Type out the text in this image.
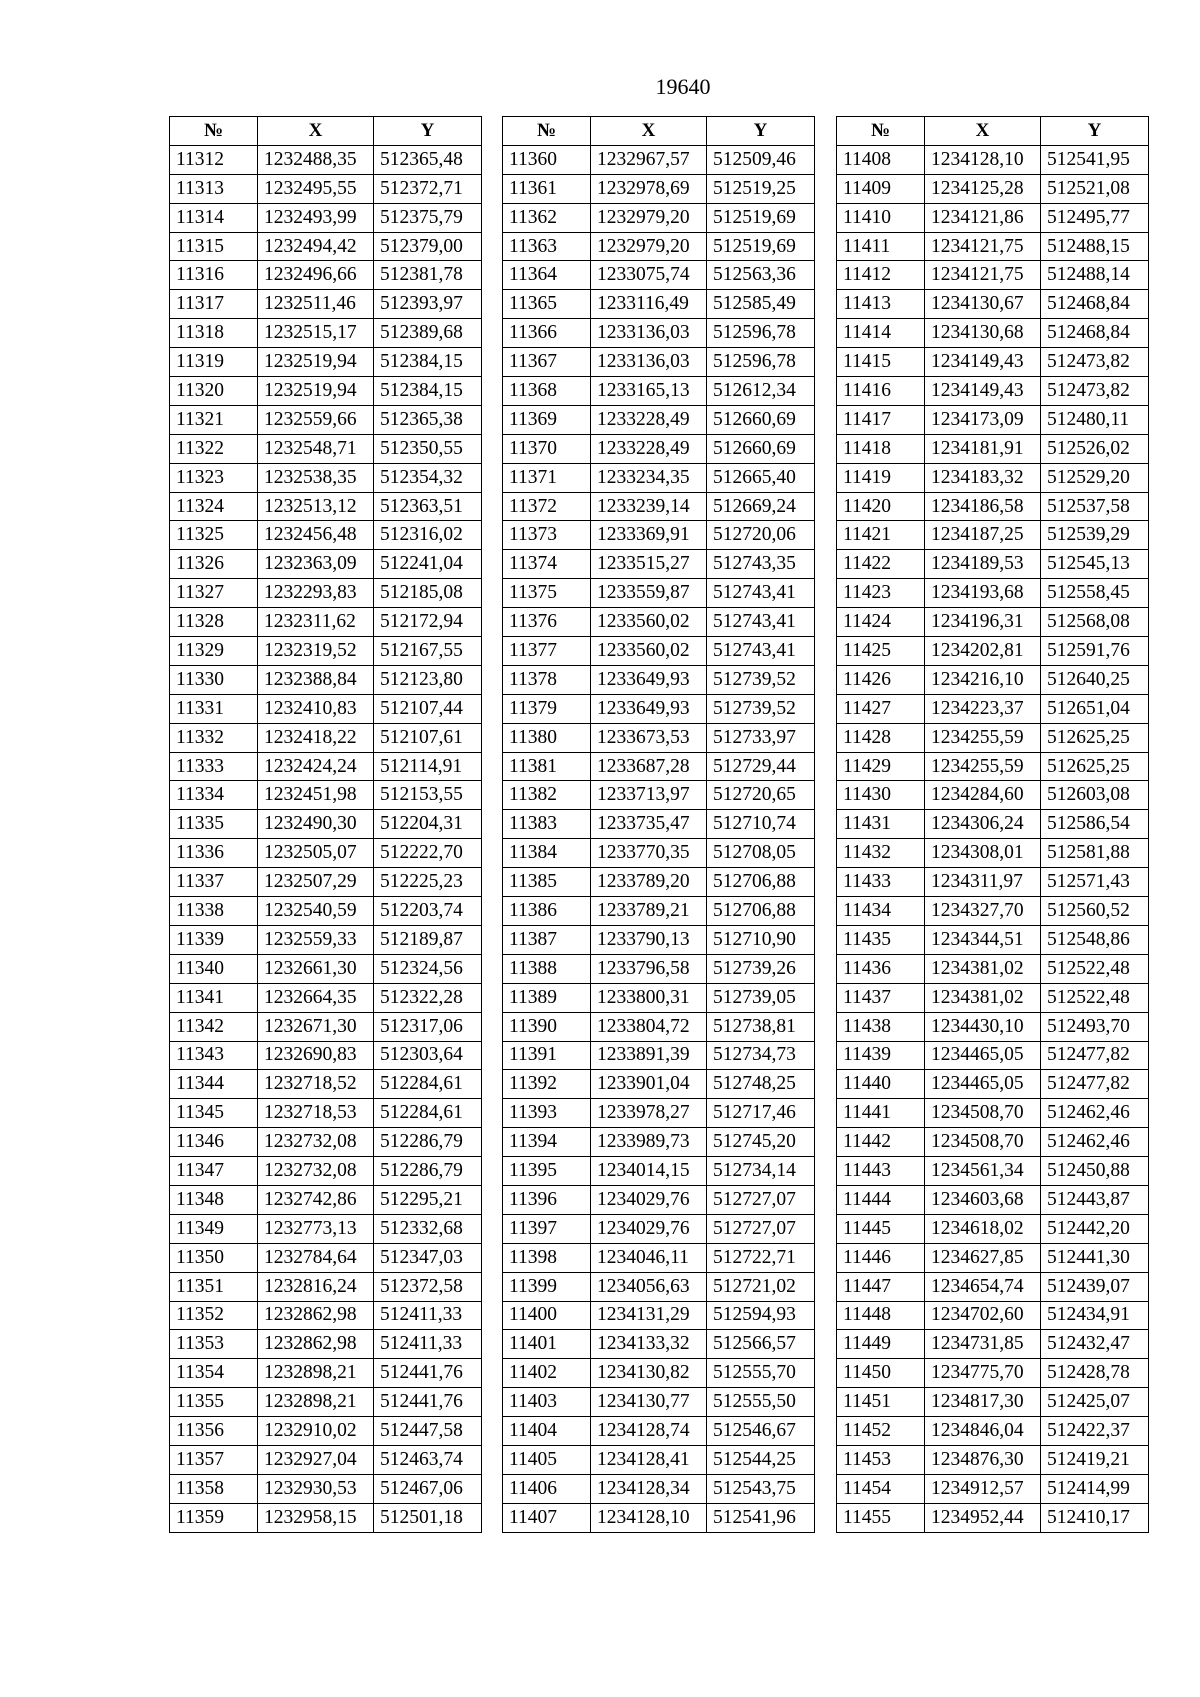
19640
№	X	Y
11312	1232488,35	512365,48
11313	1232495,55	512372,71
11314	1232493,99	512375,79
11315	1232494,42	512379,00
11316	1232496,66	512381,78
11317	1232511,46	512393,97
11318	1232515,17	512389,68
11319	1232519,94	512384,15
11320	1232519,94	512384,15
11321	1232559,66	512365,38
11322	1232548,71	512350,55
11323	1232538,35	512354,32
11324	1232513,12	512363,51
11325	1232456,48	512316,02
11326	1232363,09	512241,04
11327	1232293,83	512185,08
11328	1232311,62	512172,94
11329	1232319,52	512167,55
11330	1232388,84	512123,80
11331	1232410,83	512107,44
11332	1232418,22	512107,61
11333	1232424,24	512114,91
11334	1232451,98	512153,55
11335	1232490,30	512204,31
11336	1232505,07	512222,70
11337	1232507,29	512225,23
11338	1232540,59	512203,74
11339	1232559,33	512189,87
11340	1232661,30	512324,56
11341	1232664,35	512322,28
11342	1232671,30	512317,06
11343	1232690,83	512303,64
11344	1232718,52	512284,61
11345	1232718,53	512284,61
11346	1232732,08	512286,79
11347	1232732,08	512286,79
11348	1232742,86	512295,21
11349	1232773,13	512332,68
11350	1232784,64	512347,03
11351	1232816,24	512372,58
11352	1232862,98	512411,33
11353	1232862,98	512411,33
11354	1232898,21	512441,76
11355	1232898,21	512441,76
11356	1232910,02	512447,58
11357	1232927,04	512463,74
11358	1232930,53	512467,06
11359	1232958,15	512501,18
№	X	Y
11360	1232967,57	512509,46
11361	1232978,69	512519,25
11362	1232979,20	512519,69
11363	1232979,20	512519,69
11364	1233075,74	512563,36
11365	1233116,49	512585,49
11366	1233136,03	512596,78
11367	1233136,03	512596,78
11368	1233165,13	512612,34
11369	1233228,49	512660,69
11370	1233228,49	512660,69
11371	1233234,35	512665,40
11372	1233239,14	512669,24
11373	1233369,91	512720,06
11374	1233515,27	512743,35
11375	1233559,87	512743,41
11376	1233560,02	512743,41
11377	1233560,02	512743,41
11378	1233649,93	512739,52
11379	1233649,93	512739,52
11380	1233673,53	512733,97
11381	1233687,28	512729,44
11382	1233713,97	512720,65
11383	1233735,47	512710,74
11384	1233770,35	512708,05
11385	1233789,20	512706,88
11386	1233789,21	512706,88
11387	1233790,13	512710,90
11388	1233796,58	512739,26
11389	1233800,31	512739,05
11390	1233804,72	512738,81
11391	1233891,39	512734,73
11392	1233901,04	512748,25
11393	1233978,27	512717,46
11394	1233989,73	512745,20
11395	1234014,15	512734,14
11396	1234029,76	512727,07
11397	1234029,76	512727,07
11398	1234046,11	512722,71
11399	1234056,63	512721,02
11400	1234131,29	512594,93
11401	1234133,32	512566,57
11402	1234130,82	512555,70
11403	1234130,77	512555,50
11404	1234128,74	512546,67
11405	1234128,41	512544,25
11406	1234128,34	512543,75
11407	1234128,10	512541,96
№	X	Y
11408	1234128,10	512541,95
11409	1234125,28	512521,08
11410	1234121,86	512495,77
11411	1234121,75	512488,15
11412	1234121,75	512488,14
11413	1234130,67	512468,84
11414	1234130,68	512468,84
11415	1234149,43	512473,82
11416	1234149,43	512473,82
11417	1234173,09	512480,11
11418	1234181,91	512526,02
11419	1234183,32	512529,20
11420	1234186,58	512537,58
11421	1234187,25	512539,29
11422	1234189,53	512545,13
11423	1234193,68	512558,45
11424	1234196,31	512568,08
11425	1234202,81	512591,76
11426	1234216,10	512640,25
11427	1234223,37	512651,04
11428	1234255,59	512625,25
11429	1234255,59	512625,25
11430	1234284,60	512603,08
11431	1234306,24	512586,54
11432	1234308,01	512581,88
11433	1234311,97	512571,43
11434	1234327,70	512560,52
11435	1234344,51	512548,86
11436	1234381,02	512522,48
11437	1234381,02	512522,48
11438	1234430,10	512493,70
11439	1234465,05	512477,82
11440	1234465,05	512477,82
11441	1234508,70	512462,46
11442	1234508,70	512462,46
11443	1234561,34	512450,88
11444	1234603,68	512443,87
11445	1234618,02	512442,20
11446	1234627,85	512441,30
11447	1234654,74	512439,07
11448	1234702,60	512434,91
11449	1234731,85	512432,47
11450	1234775,70	512428,78
11451	1234817,30	512425,07
11452	1234846,04	512422,37
11453	1234876,30	512419,21
11454	1234912,57	512414,99
11455	1234952,44	512410,17
